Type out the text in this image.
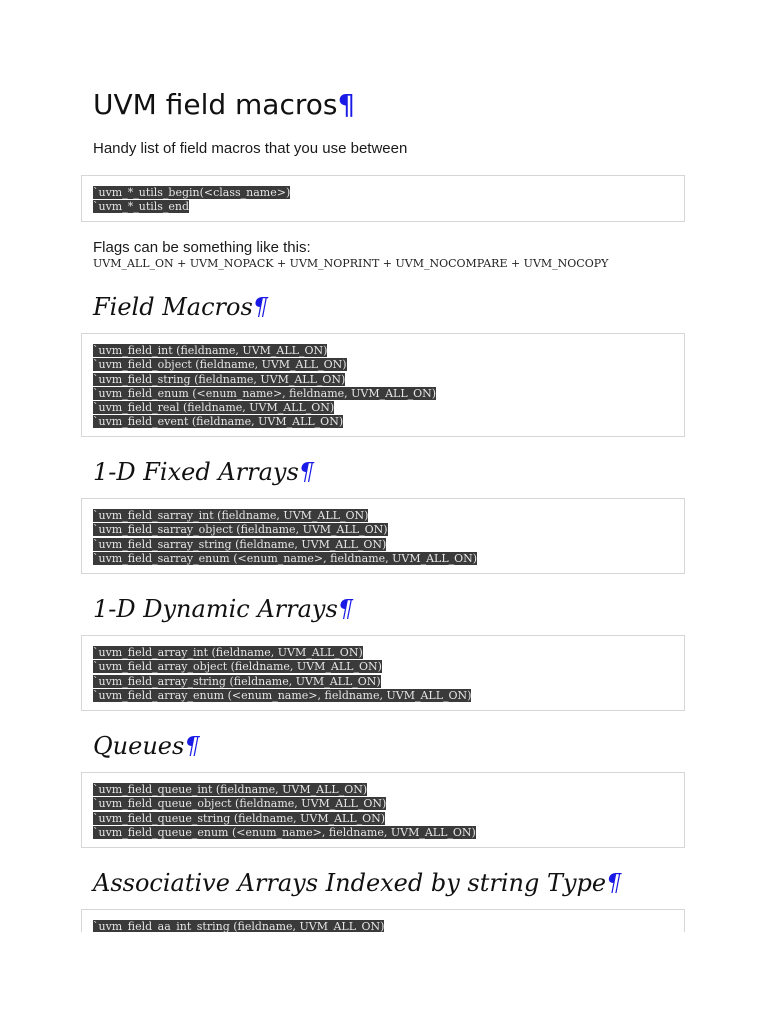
UVM field macros¶

Handy list of field macros that you use between

`uvm_*_utils_begin(<class_name>)
`uvm_*_utils_end

Flags can be something like this:

UVM_ALL_ON + UVM_NOPACK + UVM_NOPRINT + UVM_NOCOMPARE + UVM_NOCOPY

Field Macros¶
`uvm_field_int (fieldname, UVM_ALL_ON)
`uvm_field_object (fieldname, UVM_ALL_ON)
`uvm_field_string (fieldname, UVM_ALL_ON)
`uvm_field_enum (<enum_name>, fieldname, UVM_ALL_ON)
`uvm_field_real (fieldname, UVM_ALL_ON)
`uvm_field_event (fieldname, UVM_ALL_ON)
1-D Fixed Arrays¶
`uvm_field_sarray_int (fieldname, UVM_ALL_ON)
`uvm_field_sarray_object (fieldname, UVM_ALL_ON)
`uvm_field_sarray_string (fieldname, UVM_ALL_ON)
`uvm_field_sarray_enum (<enum_name>, fieldname, UVM_ALL_ON)
1-D Dynamic Arrays¶
`uvm_field_array_int (fieldname, UVM_ALL_ON)
`uvm_field_array_object (fieldname, UVM_ALL_ON)
`uvm_field_array_string (fieldname, UVM_ALL_ON)
`uvm_field_array_enum (<enum_name>, fieldname, UVM_ALL_ON)
Queues¶
`uvm_field_queue_int (fieldname, UVM_ALL_ON)
`uvm_field_queue_object (fieldname, UVM_ALL_ON)
`uvm_field_queue_string (fieldname, UVM_ALL_ON)
`uvm_field_queue_enum (<enum_name>, fieldname, UVM_ALL_ON)
Associative Arrays Indexed by string Type¶
`uvm_field_aa_int_string (fieldname, UVM_ALL_ON)
